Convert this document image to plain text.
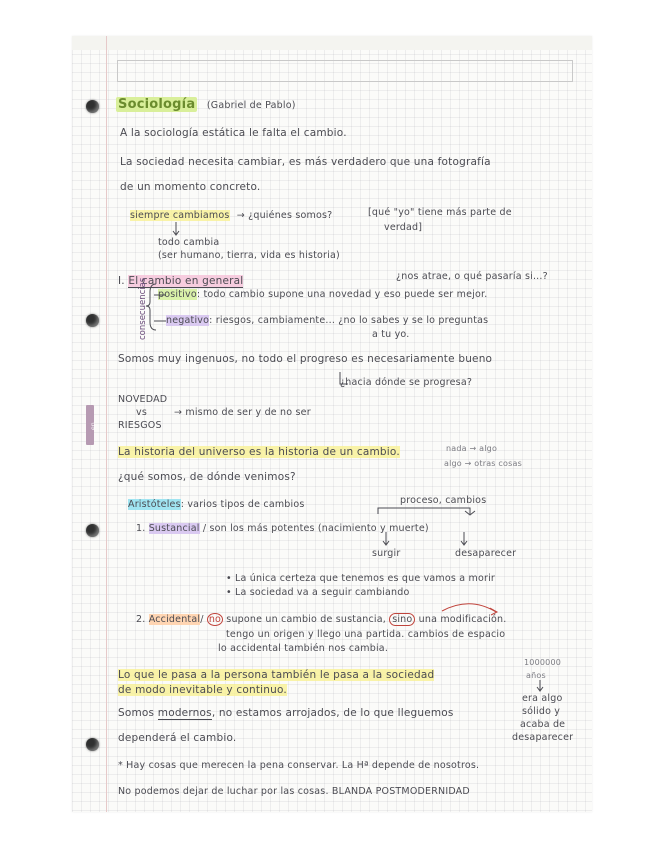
Sociología (Gabriel de Pablo)
A la sociología estática le falta el cambio.
La sociedad necesita cambiar, es más verdadero que una fotografía
de un momento concreto.
siempre cambiamos → ¿quiénes somos?	[qué "yo" tiene más parte de
verdad]
todo cambia
(ser humano, tierra, vida es historia)
I. El cambio en general	¿nos atrae, o qué pasaría si...?
consecuencias positivo: todo cambio supone una novedad y eso puede ser mejor.
negativo: riesgos, cambiamente... ¿no lo sabes y se lo preguntas
a tu yo.
Somos muy ingenuos, no todo el progreso es necesariamente bueno
¿hacia dónde se progresa?
NOVEDAD
vs	→ mismo de ser y de no ser
RIESGOS
La historia del universo es la historia de un cambio.	nada → algo
algo → otras cosas
¿qué somos, de dónde venimos?
Aristóteles: varios tipos de cambios	proceso, cambios
1. Sustancial / son los más potentes (nacimiento y muerte)
surgir	desaparecer
• La única certeza que tenemos es que vamos a morir
• La sociedad va a seguir cambiando
2. Accidental/ no supone un cambio de sustancia, sino una modificación.
tengo un origen y llego una partida. cambios de espacio
lo accidental también nos cambia.
Lo que le pasa a la persona también le pasa a la sociedad
de modo inevitable y continuo.
Somos modernos, no estamos arrojados, de lo que lleguemos
dependerá el cambio.
1000000
años
era algo
sólido y
acaba de
desaparecer
* Hay cosas que merecen la pena conservar. La Hª depende de nosotros.
No podemos dejar de luchar por las cosas. BLANDA POSTMODERNIDAD
en
